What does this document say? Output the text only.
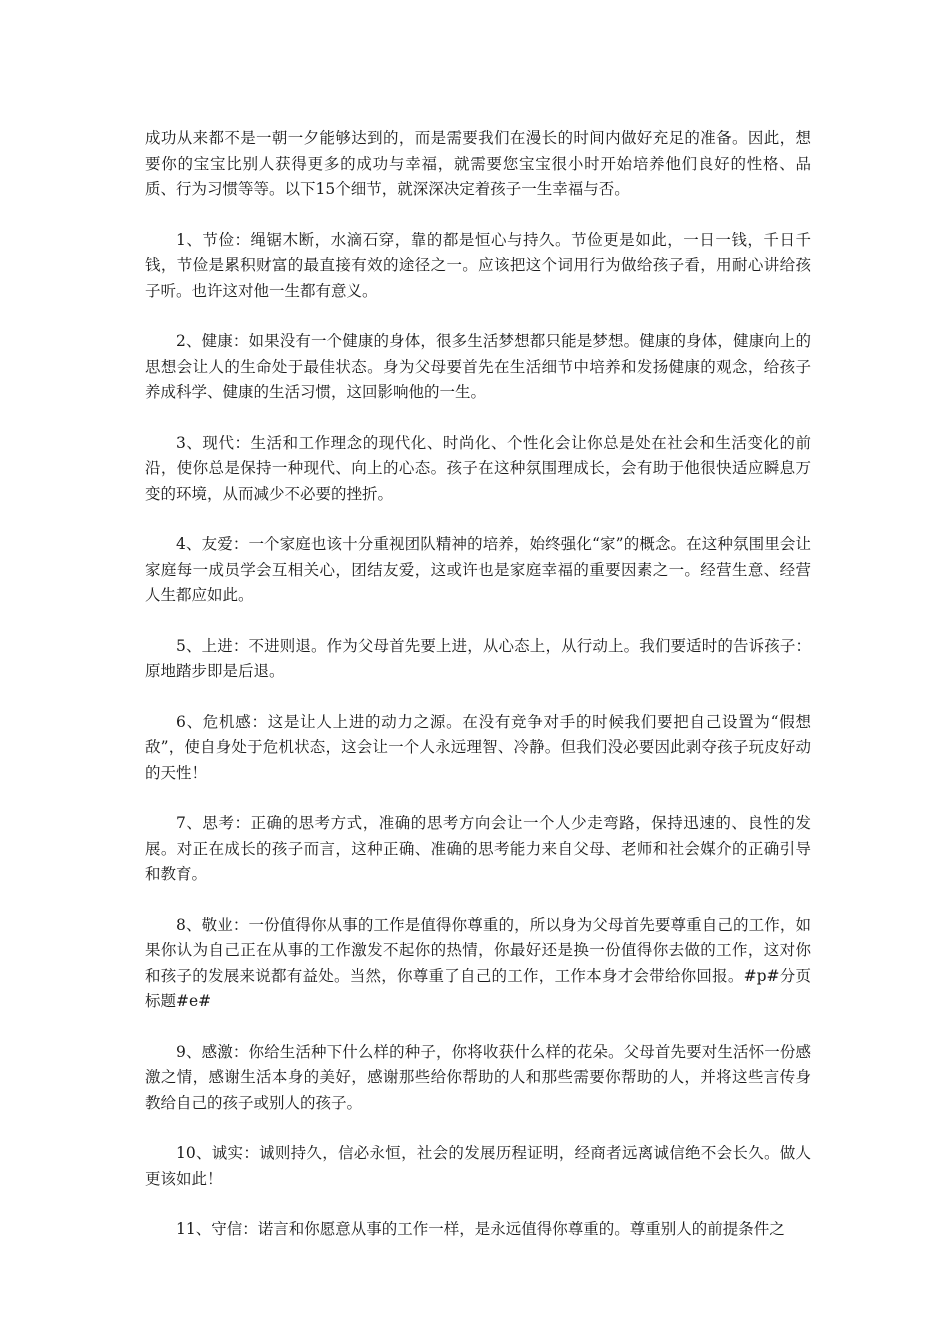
成功从来都不是一朝一夕能够达到的，而是需要我们在漫长的时间内做好充足的准备。因此，想要你的宝宝比别人获得更多的成功与幸福，就需要您宝宝很小时开始培养他们良好的性格、品质、行为习惯等等。以下15个细节，就深深决定着孩子一生幸福与否。

1、节俭：绳锯木断，水滴石穿，靠的都是恒心与持久。节俭更是如此，一日一钱，千日千钱，节俭是累积财富的最直接有效的途径之一。应该把这个词用行为做给孩子看，用耐心讲给孩子听。也许这对他一生都有意义。

2、健康：如果没有一个健康的身体，很多生活梦想都只能是梦想。健康的身体，健康向上的思想会让人的生命处于最佳状态。身为父母要首先在生活细节中培养和发扬健康的观念，给孩子养成科学、健康的生活习惯，这回影响他的一生。

3、现代：生活和工作理念的现代化、时尚化、个性化会让你总是处在社会和生活变化的前沿，使你总是保持一种现代、向上的心态。孩子在这种氛围理成长，会有助于他很快适应瞬息万变的环境，从而减少不必要的挫折。

4、友爱：一个家庭也该十分重视团队精神的培养，始终强化“家”的概念。在这种氛围里会让家庭每一成员学会互相关心，团结友爱，这或许也是家庭幸福的重要因素之一。经营生意、经营人生都应如此。

5、上进：不进则退。作为父母首先要上进，从心态上，从行动上。我们要适时的告诉孩子：原地踏步即是后退。

6、危机感：这是让人上进的动力之源。在没有竞争对手的时候我们要把自己设置为“假想敌”，使自身处于危机状态，这会让一个人永远理智、冷静。但我们没必要因此剥夺孩子玩皮好动的天性！

7、思考：正确的思考方式，准确的思考方向会让一个人少走弯路，保持迅速的、良性的发展。对正在成长的孩子而言，这种正确、准确的思考能力来自父母、老师和社会媒介的正确引导和教育。

8、敬业：一份值得你从事的工作是值得你尊重的，所以身为父母首先要尊重自己的工作，如果你认为自己正在从事的工作激发不起你的热情，你最好还是换一份值得你去做的工作，这对你和孩子的发展来说都有益处。当然，你尊重了自己的工作，工作本身才会带给你回报。#p#分页标题#e#

9、感激：你给生活种下什么样的种子，你将收获什么样的花朵。父母首先要对生活怀一份感激之情，感谢生活本身的美好，感谢那些给你帮助的人和那些需要你帮助的人，并将这些言传身教给自己的孩子或别人的孩子。

10、诚实：诚则持久，信必永恒，社会的发展历程证明，经商者远离诚信绝不会长久。做人更该如此！

11、守信：诺言和你愿意从事的工作一样，是永远值得你尊重的。尊重别人的前提条件之
